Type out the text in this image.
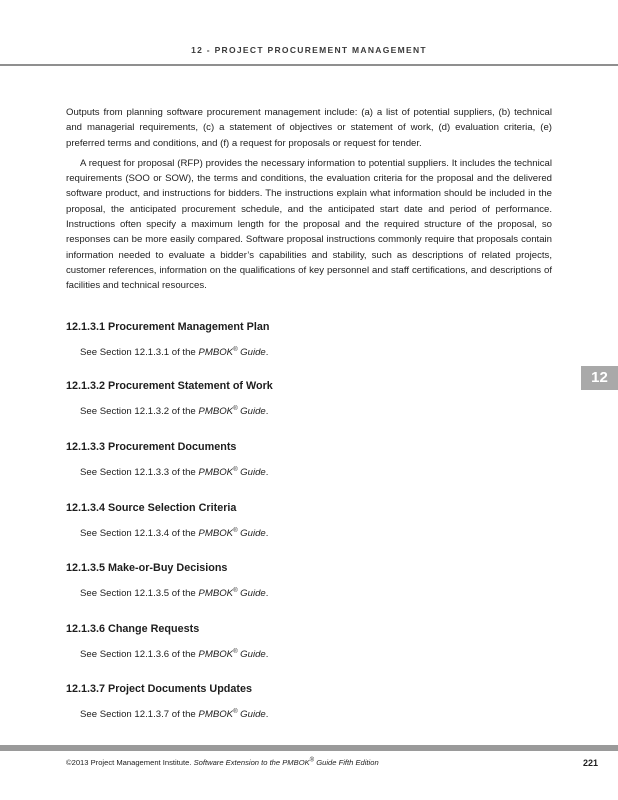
12 - PROJECT PROCUREMENT MANAGEMENT

Outputs from planning software procurement management include: (a) a list of potential suppliers, (b) technical and managerial requirements, (c) a statement of objectives or statement of work, (d) evaluation criteria, (e) preferred terms and conditions, and (f) a request for proposals or request for tender.

A request for proposal (RFP) provides the necessary information to potential suppliers. It includes the technical requirements (SOO or SOW), the terms and conditions, the evaluation criteria for the proposal and the delivered software product, and instructions for bidders. The instructions explain what information should be included in the proposal, the anticipated procurement schedule, and the anticipated start date and period of performance. Instructions often specify a maximum length for the proposal and the required structure of the proposal, so responses can be more easily compared. Software proposal instructions commonly require that proposals contain information needed to evaluate a bidder’s capabilities and stability, such as descriptions of related projects, customer references, information on the qualifications of key personnel and staff certifications, and descriptions of facilities and technical resources.

12.1.3.1 Procurement Management Plan
See Section 12.1.3.1 of the PMBOK® Guide.
12.1.3.2 Procurement Statement of Work
See Section 12.1.3.2 of the PMBOK® Guide.
12.1.3.3 Procurement Documents
See Section 12.1.3.3 of the PMBOK® Guide.
12.1.3.4 Source Selection Criteria
See Section 12.1.3.4 of the PMBOK® Guide.
12.1.3.5 Make-or-Buy Decisions
See Section 12.1.3.5 of the PMBOK® Guide.
12.1.3.6 Change Requests
See Section 12.1.3.6 of the PMBOK® Guide.
12.1.3.7 Project Documents Updates
See Section 12.1.3.7 of the PMBOK® Guide.
12
©2013 Project Management Institute. Software Extension to the PMBOK® Guide Fifth Edition	221
